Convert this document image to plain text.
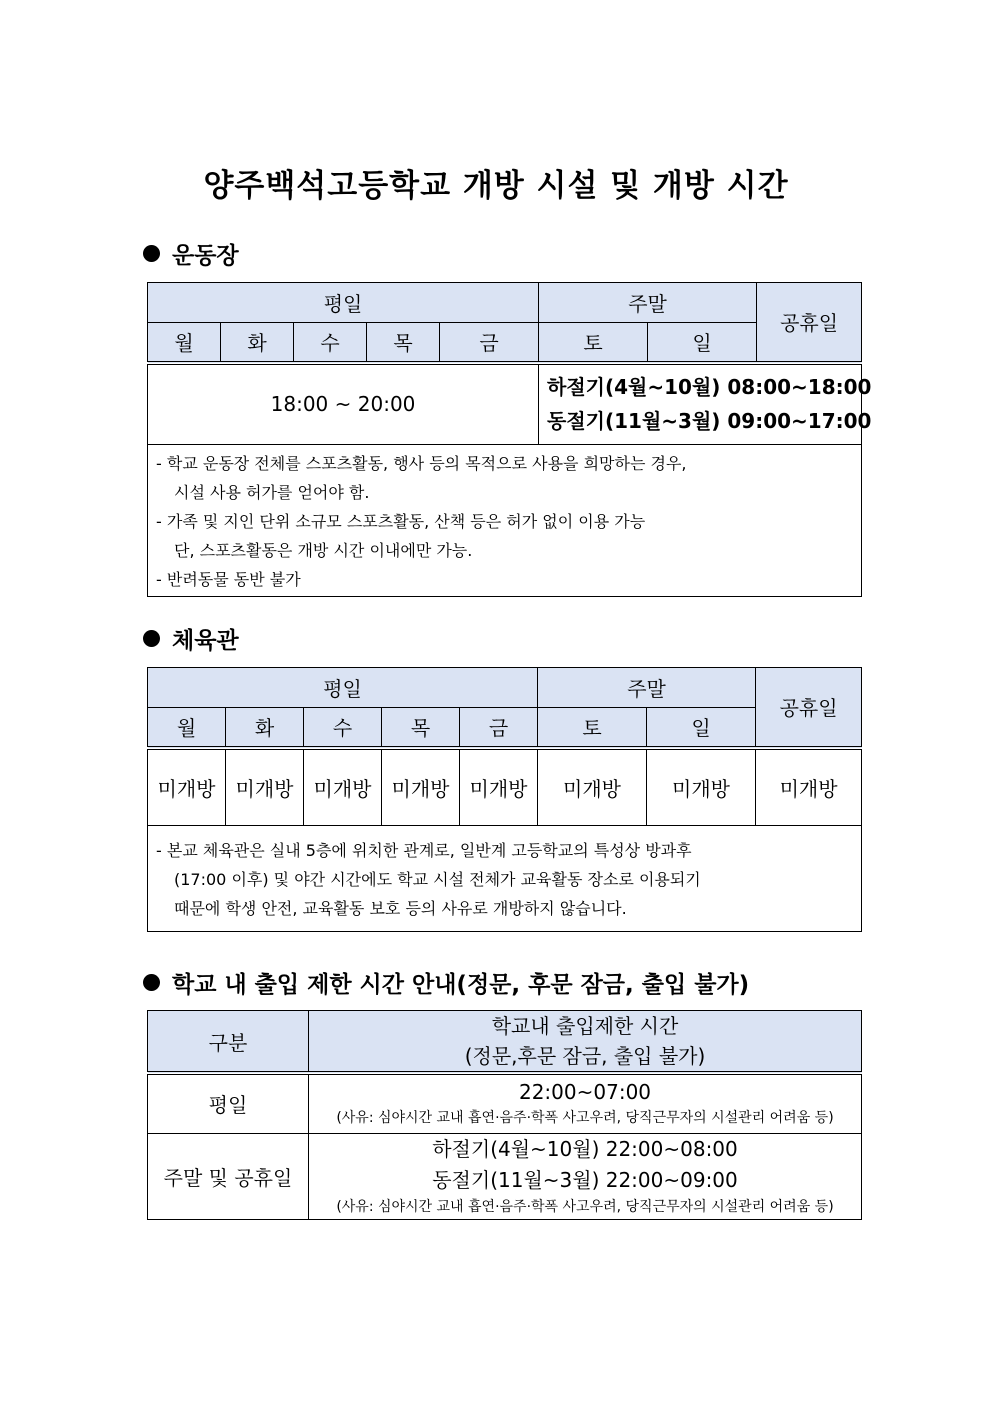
양주백석고등학교 개방 시설 및 개방 시간
운동장
평일					주말		공휴일
월	화	수	목	금	토	일	
18:00 ~ 20:00					하절기(4월~10월) 08:00~18:00
동절기(11월~3월) 09:00~17:00		

- 학교 운동장 전체를 스포츠활동, 행사 등의 목적으로 사용을 희망하는 경우,
시설 사용 허가를 얻어야 함.
- 가족 및 지인 단위 소규모 스포츠활동, 산책 등은 허가 없이 이용 가능
단, 스포츠활동은 개방 시간 이내에만 가능.
- 반려동물 동반 불가							
체육관
평일					주말		공휴일
월	화	수	목	금	토	일	
미개방	미개방	미개방	미개방	미개방	미개방	미개방	미개방

- 본교 체육관은 실내 5층에 위치한 관계로, 일반계 고등학교의 특성상 방과후
(17:00 이후) 및 야간 시간에도 학교 시설 전체가 교육활동 장소로 이용되기
때문에 학생 안전, 교육활동 보호 등의 사유로 개방하지 않습니다.							
학교 내 출입 제한 시간 안내(정문, 후문 잠금, 출입 불가)
구분	학교내 출입제한 시간
(정문,후문 잠금, 출입 불가)

평일	22:00~07:00
(사유: 심야시간 교내 흡연·음주·학폭 사고우려, 당직근무자의 시설관리 어려움 등)

주말 및 공휴일	하절기(4월~10월) 22:00~08:00
동절기(11월~3월) 22:00~09:00
(사유: 심야시간 교내 흡연·음주·학폭 사고우려, 당직근무자의 시설관리 어려움 등)
